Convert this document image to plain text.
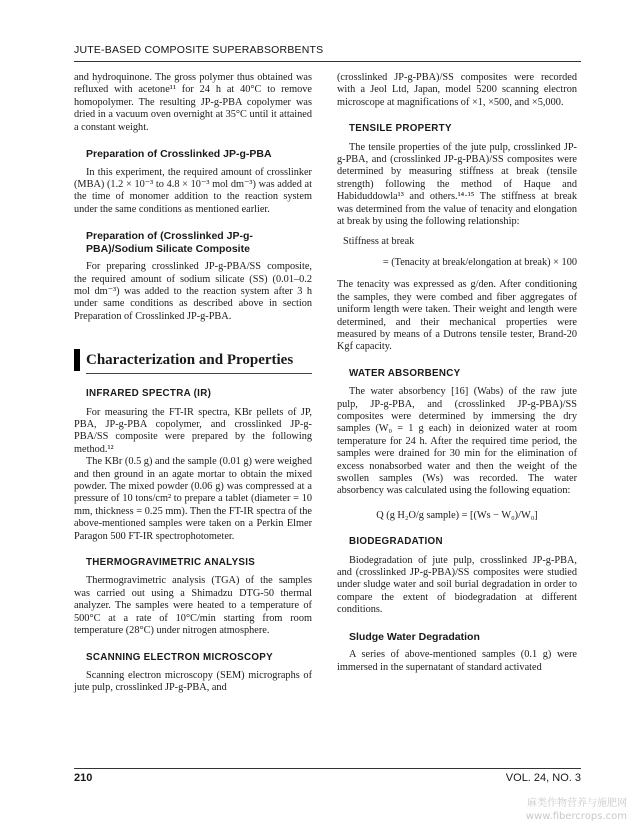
JUTE-BASED COMPOSITE SUPERABSORBENTS

and hydroquinone. The gross polymer thus obtained was refluxed with acetone¹¹ for 24 h at 40°C to remove homopolymer. The resulting JP-g-PBA copolymer was dried in a vacuum oven overnight at 35°C until it attained a constant weight.

Preparation of Crosslinked JP-g-PBA

In this experiment, the required amount of crosslinker (MBA) (1.2 × 10⁻³ to 4.8 × 10⁻³ mol dm⁻³) was added at the time of monomer addition to the reaction system under the same conditions as mentioned earlier.

Preparation of (Crosslinked JP-g-PBA)/Sodium Silicate Composite

For preparing crosslinked JP-g-PBA/SS composite, the required amount of sodium silicate (SS) (0.01–0.2 mol dm⁻³) was added to the reaction system after 3 h under same conditions as described above in section Preparation of Crosslinked JP-g-PBA.

Characterization and Properties
INFRARED SPECTRA (IR)

For measuring the FT-IR spectra, KBr pellets of JP, PBA, JP-g-PBA copolymer, and crosslinked JP-g-PBA/SS composite were prepared by the following method.¹²

The KBr (0.5 g) and the sample (0.01 g) were weighed and then ground in an agate mortar to obtain the mixed powder. The mixed powder (0.06 g) was compressed at a pressure of 10 tons/cm² to prepare a tablet (diameter = 10 mm, thickness = 0.25 mm). Then the FT-IR spectra of the above-mentioned samples were taken on a Perkin Elmer Paragon 500 FT-IR spectrophotometer.

THERMOGRAVIMETRIC ANALYSIS

Thermogravimetric analysis (TGA) of the samples was carried out using a Shimadzu DTG-50 thermal analyzer. The samples were heated to a temperature of 500°C at a rate of 10°C/min starting from room temperature (28°C) under nitrogen atmosphere.

SCANNING ELECTRON MICROSCOPY

Scanning electron microscopy (SEM) micrographs of jute pulp, crosslinked JP-g-PBA, and

(crosslinked JP-g-PBA)/SS composites were recorded with a Jeol Ltd, Japan, model 5200 scanning electron microscope at magnifications of ×1, ×500, and ×5,000.

TENSILE PROPERTY

The tensile properties of the jute pulp, crosslinked JP-g-PBA, and (crosslinked JP-g-PBA)/SS composites were determined by measuring stiffness at break (tensile strength) following the method of Haque and Habiduddowla¹³ and others.¹⁴·¹⁵ The stiffness at break was determined from the value of tenacity and elongation at break by using the following relationship:

Stiffness at break
= (Tenacity at break/elongation at break) × 100

The tenacity was expressed as g/den. After conditioning the samples, they were combed and fiber aggregates of uniform length were taken. Their weight and length were determined, and their mechanical properties were measured by means of a Dutrons tensile tester, Brand-20 Kgf capacity.

WATER ABSORBENCY

The water absorbency [16] (Wabs) of the raw jute pulp, JP-g-PBA, and (crosslinked JP-g-PBA)/SS composites were determined by immersing the dry samples (W₀ = 1 g each) in deionized water at room temperature for 24 h. After the required time period, the samples were drained for 30 min for the elimination of excess nonabsorbed water and then the weight of the swollen samples (Ws) was recorded. The water absorbency was calculated using the following equation:

Q (g H₂O/g sample) = [(Ws − W₀)/W₀]
BIODEGRADATION

Biodegradation of jute pulp, crosslinked JP-g-PBA, and (crosslinked JP-g-PBA)/SS composites were studied under sludge water and soil burial degradation in order to compare the extent of biodegradation at different conditions.

Sludge Water Degradation

A series of above-mentioned samples (0.1 g) were immersed in the supernatant of standard activated

210	VOL. 24, NO. 3
麻类作物营养与施肥网
www.fibercrops.com
